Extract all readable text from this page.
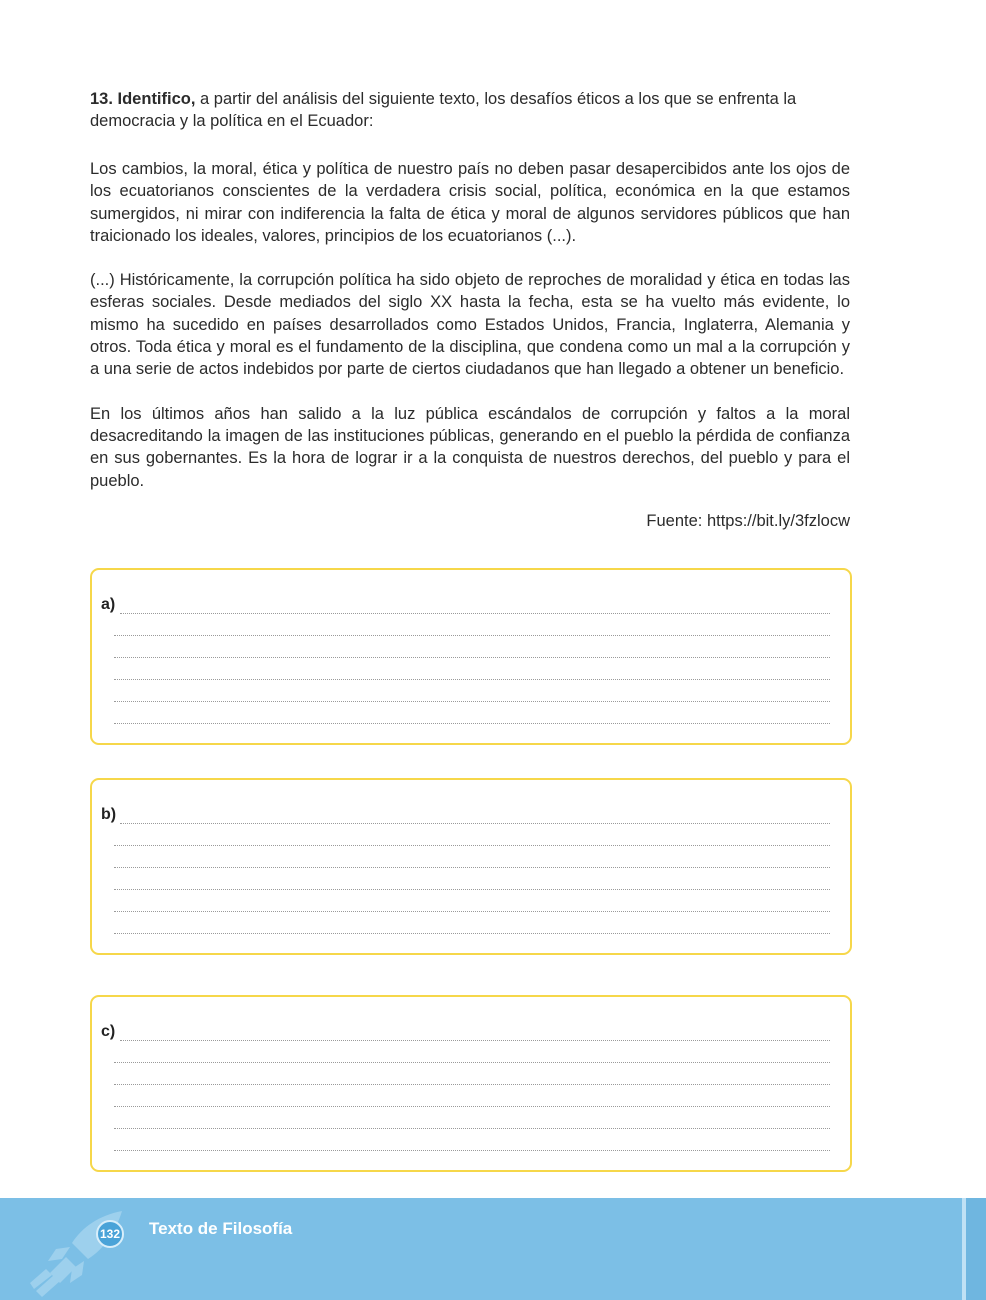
13. Identifico, a partir del análisis del siguiente texto, los desafíos éticos a los que se enfrenta la democracia y la política en el Ecuador:

Los cambios, la moral, ética y política de nuestro país no deben pasar desapercibidos ante los ojos de los ecuatorianos conscientes de la verdadera crisis social, política, económica en la que estamos sumergidos, ni mirar con indiferencia la falta de ética y moral de algunos servidores públicos que han traicionado los ideales, valores, principios de los ecuatorianos (...).

(...) Históricamente, la corrupción política ha sido objeto de reproches de moralidad y ética en todas las esferas sociales. Desde mediados del siglo XX hasta la fecha, esta se ha vuelto más evidente, lo mismo ha sucedido en países desarrollados como Estados Unidos, Francia, Inglaterra, Alemania y otros. Toda ética y moral es el fundamento de la disciplina, que condena como un mal a la corrupción y a una serie de actos indebidos por parte de ciertos ciudadanos que han llegado a obtener un beneficio.

En los últimos años han salido a la luz pública escándalos de corrupción y faltos a la moral desacreditando la imagen de las instituciones públicas, generando en el pueblo la pérdida de confianza en sus gobernantes. Es la hora de lograr ir a la conquista de nuestros derechos, del pueblo y para el pueblo.

Fuente: https://bit.ly/3fzlocw
a)
b)
c)
132 Texto de Filosofía
